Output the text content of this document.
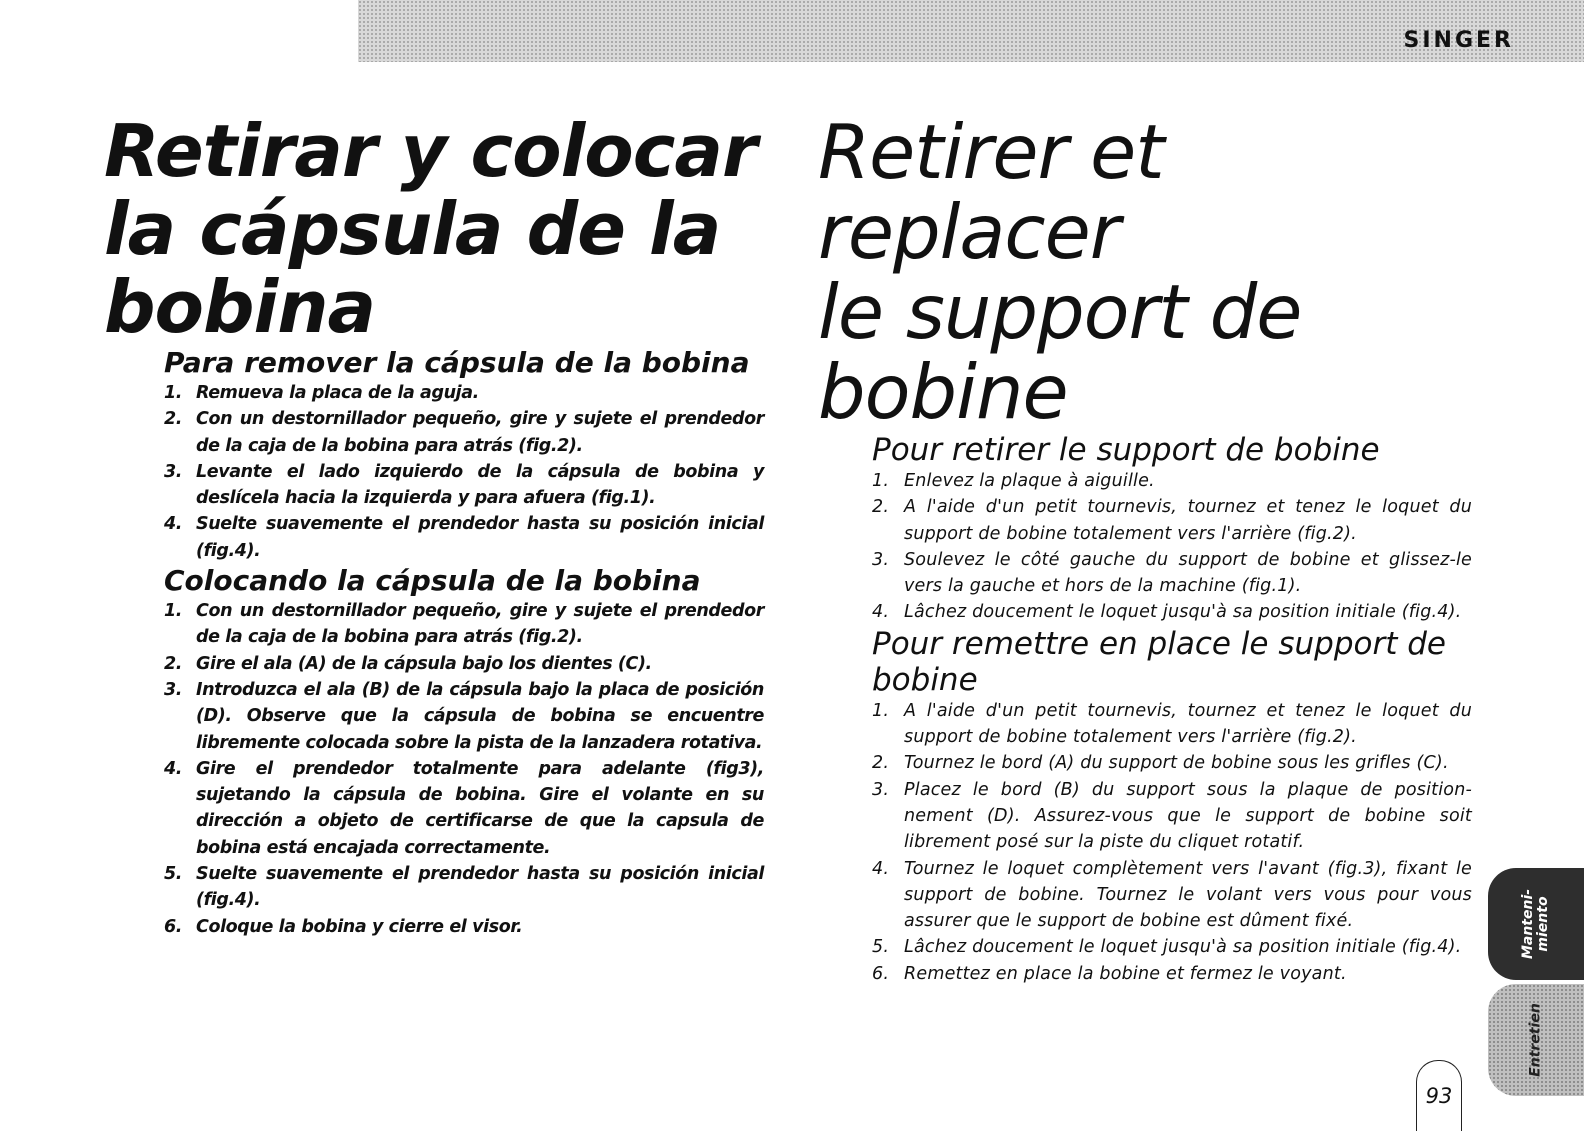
SINGER
Retirar y colocar
la cápsula de la
bobina
Para remover la cápsula de la bobina
1. Remueva la placa de la aguja.
2. Con un destornillador pequeño, gire y sujete el prendedor de la caja de la bobina para atrás (fig.2).
3. Levante el lado izquierdo de la cápsula de bobina y deslícela hacia la izquierda y para afuera (fig.1).
4. Suelte suavemente el prendedor hasta su posición inicial (fig.4).
Colocando la cápsula de la bobina
1. Con un destornillador pequeño, gire y sujete el prendedor de la caja de la bobina para atrás (fig.2).
2. Gire el ala (A) de la cápsula bajo los dientes (C).
3. Introduzca el ala (B) de la cápsula bajo la placa de posición (D). Observe que la cápsula de bobina se encuentre libremente colocada sobre la pista de la lanzadera rotativa.
4. Gire el prendedor totalmente para adelante (fig3), sujetando la cápsula de bobina. Gire el volante en su dirección a objeto de certificarse de que la capsula de bobina está encajada correctamente.
5. Suelte suavemente el prendedor hasta su posición inicial (fig.4).
6. Coloque la bobina y cierre el visor.
Retirer et replacer
le support de
bobine
Pour retirer le support de bobine
1. Enlevez la plaque à aiguille.
2. A l'aide d'un petit tournevis, tournez et tenez le loquet du support de bobine totalement vers l'arrière (fig.2).
3. Soulevez le côté gauche du support de bobine et glissez-le vers la gauche et hors de la machine (fig.1).
4. Lâchez doucement le loquet jusqu'à sa position initiale (fig.4).
Pour remettre en place le support de bobine
1. A l'aide d'un petit tournevis, tournez et tenez le loquet du support de bobine totalement vers l'arrière (fig.2).
2. Tournez le bord (A) du support de bobine sous les grifles (C).
3. Placez le bord (B) du support sous la plaque de position-nement (D). Assurez-vous que le support de bobine soit librement posé sur la piste du cliquet rotatif.
4. Tournez le loquet complètement vers l'avant (fig.3), fixant le support de bobine. Tournez le volant vers vous pour vous assurer que le support de bobine est dûment fixé.
5. Lâchez doucement le loquet jusqu'à sa position initiale (fig.4).
6. Remettez en place la bobine et fermez le voyant.
Manteni-
miento
Entretien
93
